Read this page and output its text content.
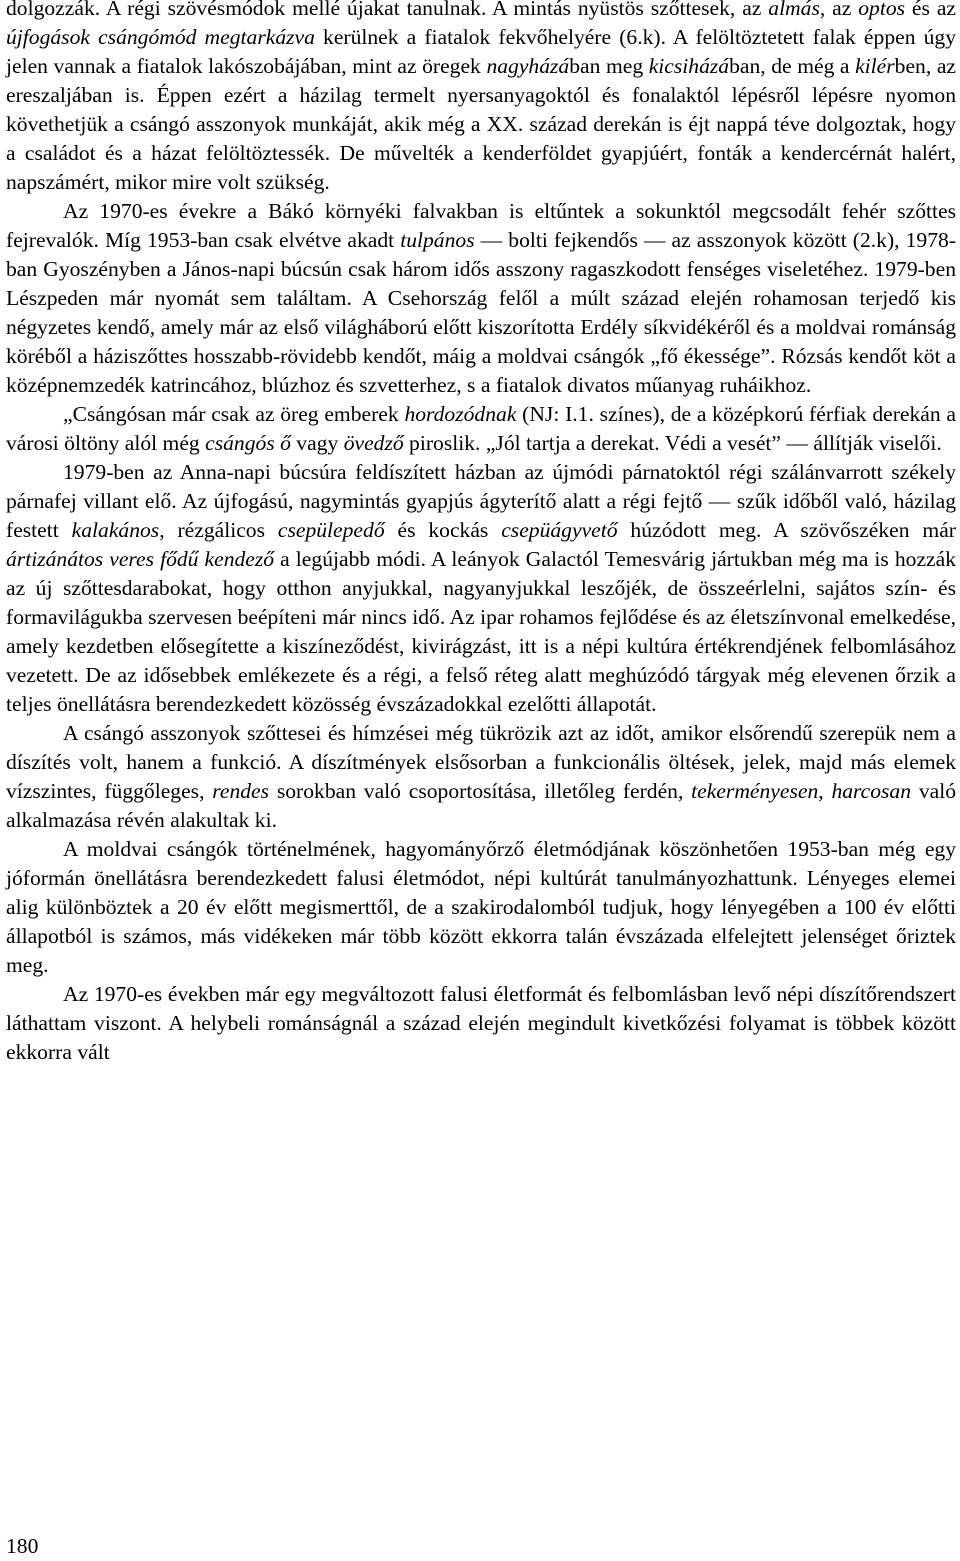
dolgozzák. A régi szövésmódok mellé újakat tanulnak. A mintás nyüstös szőttesek, az almás, az optos és az újfogások csángómód megtarkázva kerülnek a fiatalok fekvőhelyére (6.k). A felöltöztetett falak éppen úgy jelen vannak a fiatalok lakószobájában, mint az öregek nagyházában meg kicsiházában, de még a kilérben, az ereszaljában is. Éppen ezért a házilag termelt nyersanyagoktól és fonalaktól lépésről lépésre nyomon követhetjük a csángó asszonyok munkáját, akik még a XX. század derekán is éjt nappá téve dolgoztak, hogy a családot és a házat felöltöztessék. De művelték a kenderföldet gyapjúért, fonták a kendercérnát halért, napszámért, mikor mire volt szükség.

Az 1970-es évekre a Bákó környéki falvakban is eltűntek a sokunktól megcsodált fehér szőttes fejrevalók. Míg 1953-ban csak elvétve akadt tulpános — bolti fejkendős — az asszonyok között (2.k), 1978-ban Gyoszényben a János-napi búcsún csak három idős asszony ragaszkodott fenséges viseletéhez. 1979-ben Lészpeden már nyomát sem találtam. A Csehország felől a múlt század elején rohamosan terjedő kis négyzetes kendő, amely már az első világháború előtt kiszorította Erdély síkvidékéről és a moldvai románság köréből a háziszőttes hosszabb-rövidebb kendőt, máig a moldvai csángók „fő ékessége”. Rózsás kendőt köt a középnemzedék katrincához, blúzhoz és szvetterhez, s a fiatalok divatos műanyag ruháikhoz.

„Csángósan már csak az öreg emberek hordozódnak (NJ: I.1. színes), de a középkorú férfiak derekán a városi öltöny alól még csángós ő vagy övedző piroslik. „Jól tartja a derekat. Védi a vesét” — állítják viselői.

1979-ben az Anna-napi búcsúra feldíszített házban az újmódi párnatoktól régi szálánvarrott székely párnafej villant elő. Az újfogású, nagymintás gyapjús ágyterítő alatt a régi fejtő — szűk időből való, házilag festett kalakános, rézgálicos csepülepedő és kockás csepüágyvető húzódott meg. A szövőszéken már ártizánátos veres fődű kendező a legújabb módi. A leányok Galactól Temesvárig jártukban még ma is hozzák az új szőttesdarabokat, hogy otthon anyjukkal, nagyanyjukkal leszőjék, de összeérlelni, sajátos szín- és formavilágukba szervesen beépíteni már nincs idő. Az ipar rohamos fejlődése és az életszínvonal emelkedése, amely kezdetben elősegítette a kiszíneződést, kivirágzást, itt is a népi kultúra értékrendjének felbomlásához vezetett. De az idősebbek emlékezete és a régi, a felső réteg alatt meghúzódó tárgyak még elevenen őrzik a teljes önellátásra berendezkedett közösség évszázadokkal ezelőtti állapotát.

A csángó asszonyok szőttesei és hímzései még tükrözik azt az időt, amikor elsőrendű szerepük nem a díszítés volt, hanem a funkció. A díszítmények elsősorban a funkcionális öltések, jelek, majd más elemek vízszintes, függőleges, rendes sorokban való csoportosítása, illetőleg ferdén, tekerményesen, harcosan való alkalmazása révén alakultak ki.

A moldvai csángók történelmének, hagyományőrző életmódjának köszönhetően 1953-ban még egy jóformán önellátásra berendezkedett falusi életmódot, népi kultúrát tanulmányozhattunk. Lényeges elemei alig különböztek a 20 év előtt megismerttől, de a szakirodalomból tudjuk, hogy lényegében a 100 év előtti állapotból is számos, más vidékeken már több között ekkorra talán évszázada elfelejtett jelenséget őriztek meg.

Az 1970-es években már egy megváltozott falusi életformát és felbomlásban levő népi díszítőrendszert láthattam viszont. A helybeli románságnál a század elején megindult kivetkőzési folyamat is többek között ekkorra vált

180
